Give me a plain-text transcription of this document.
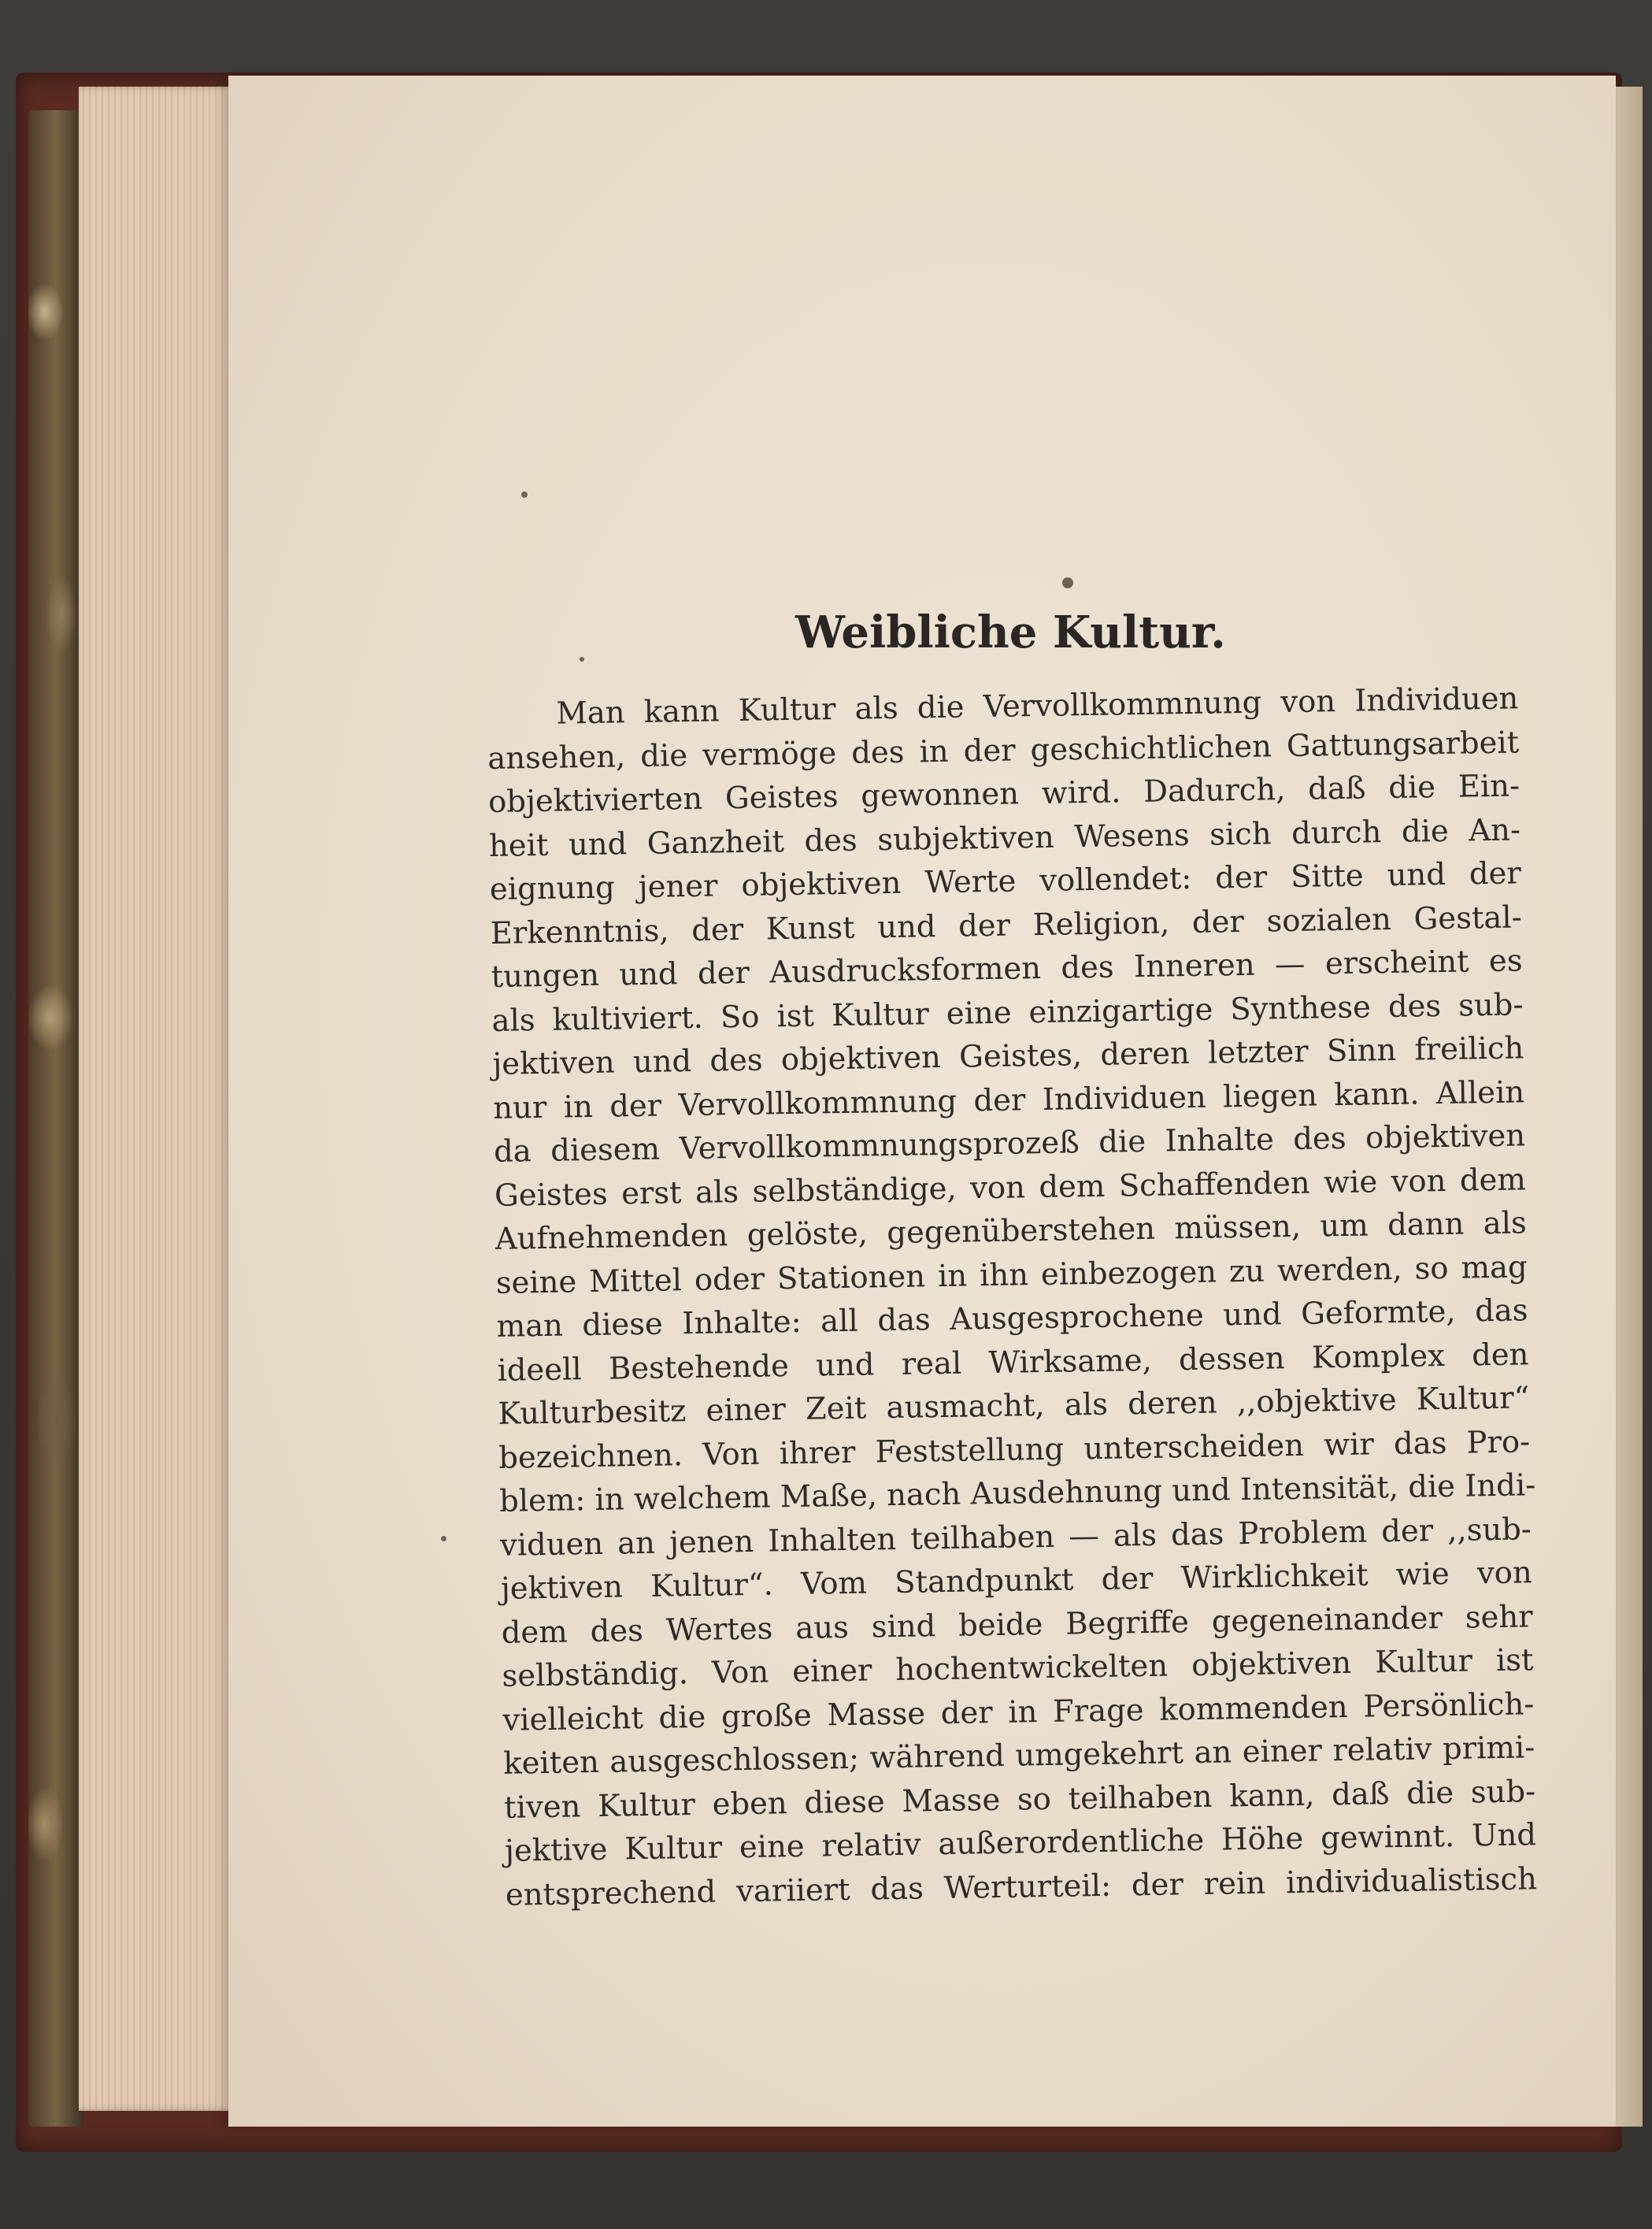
Weibliche Kultur.
Man kann Kultur als die Vervollkommnung von Individuen
ansehen, die vermöge des in der geschichtlichen Gattungsarbeit
objektivierten Geistes gewonnen wird. Dadurch, daß die Ein-
heit und Ganzheit des subjektiven Wesens sich durch die An-
eignung jener objektiven Werte vollendet: der Sitte und der
Erkenntnis, der Kunst und der Religion, der sozialen Gestal-
tungen und der Ausdrucksformen des Inneren — erscheint es
als kultiviert. So ist Kultur eine einzigartige Synthese des sub-
jektiven und des objektiven Geistes, deren letzter Sinn freilich
nur in der Vervollkommnung der Individuen liegen kann. Allein
da diesem Vervollkommnungsprozeß die Inhalte des objektiven
Geistes erst als selbständige, von dem Schaffenden wie von dem
Aufnehmenden gelöste, gegenüberstehen müssen, um dann als
seine Mittel oder Stationen in ihn einbezogen zu werden, so mag
man diese Inhalte: all das Ausgesprochene und Geformte, das
ideell Bestehende und real Wirksame, dessen Komplex den
Kulturbesitz einer Zeit ausmacht, als deren ,,objektive Kultur“
bezeichnen. Von ihrer Feststellung unterscheiden wir das Pro-
blem: in welchem Maße, nach Ausdehnung und Intensität, die Indi-
viduen an jenen Inhalten teilhaben — als das Problem der ,,sub-
jektiven Kultur“. Vom Standpunkt der Wirklichkeit wie von
dem des Wertes aus sind beide Begriffe gegeneinander sehr
selbständig. Von einer hochentwickelten objektiven Kultur ist
vielleicht die große Masse der in Frage kommenden Persönlich-
keiten ausgeschlossen; während umgekehrt an einer relativ primi-
tiven Kultur eben diese Masse so teilhaben kann, daß die sub-
jektive Kultur eine relativ außerordentliche Höhe gewinnt. Und
entsprechend variiert das Werturteil: der rein individualistisch
